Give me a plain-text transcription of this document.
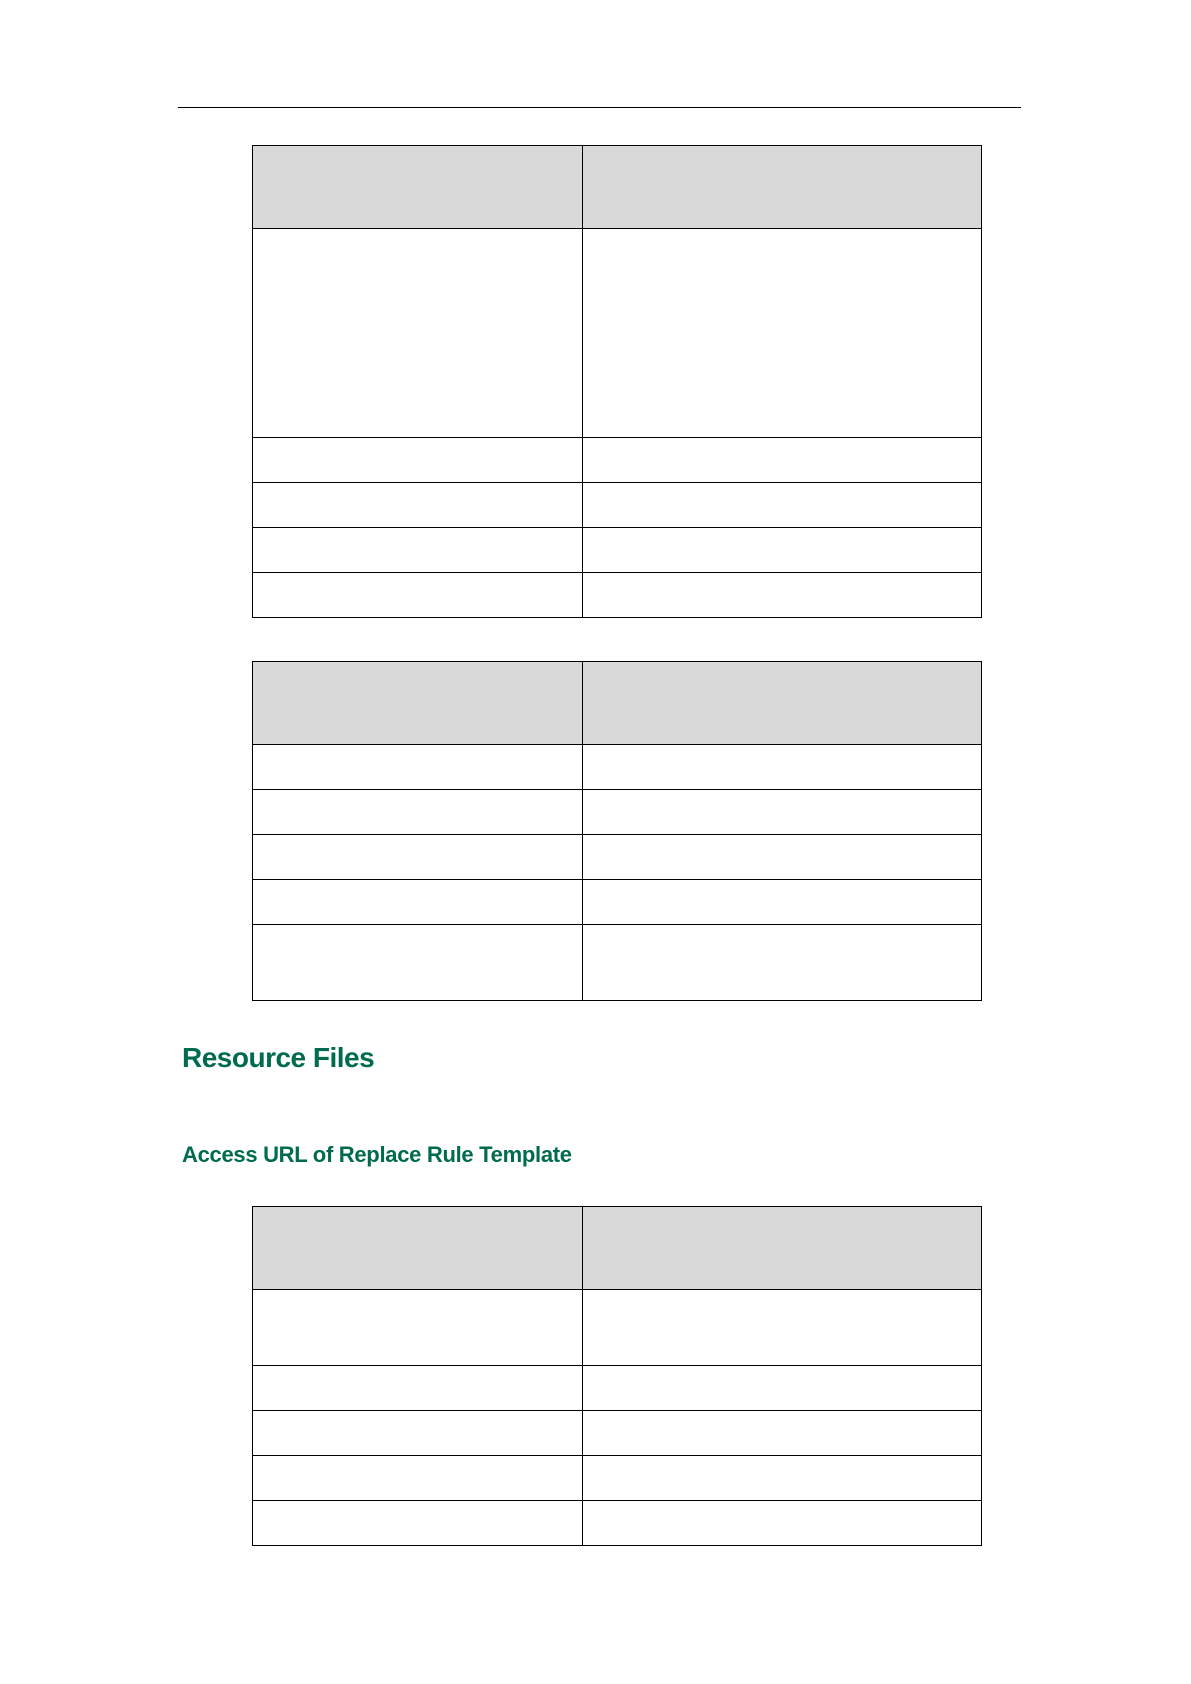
Resource Files
Access URL of Replace Rule Template
